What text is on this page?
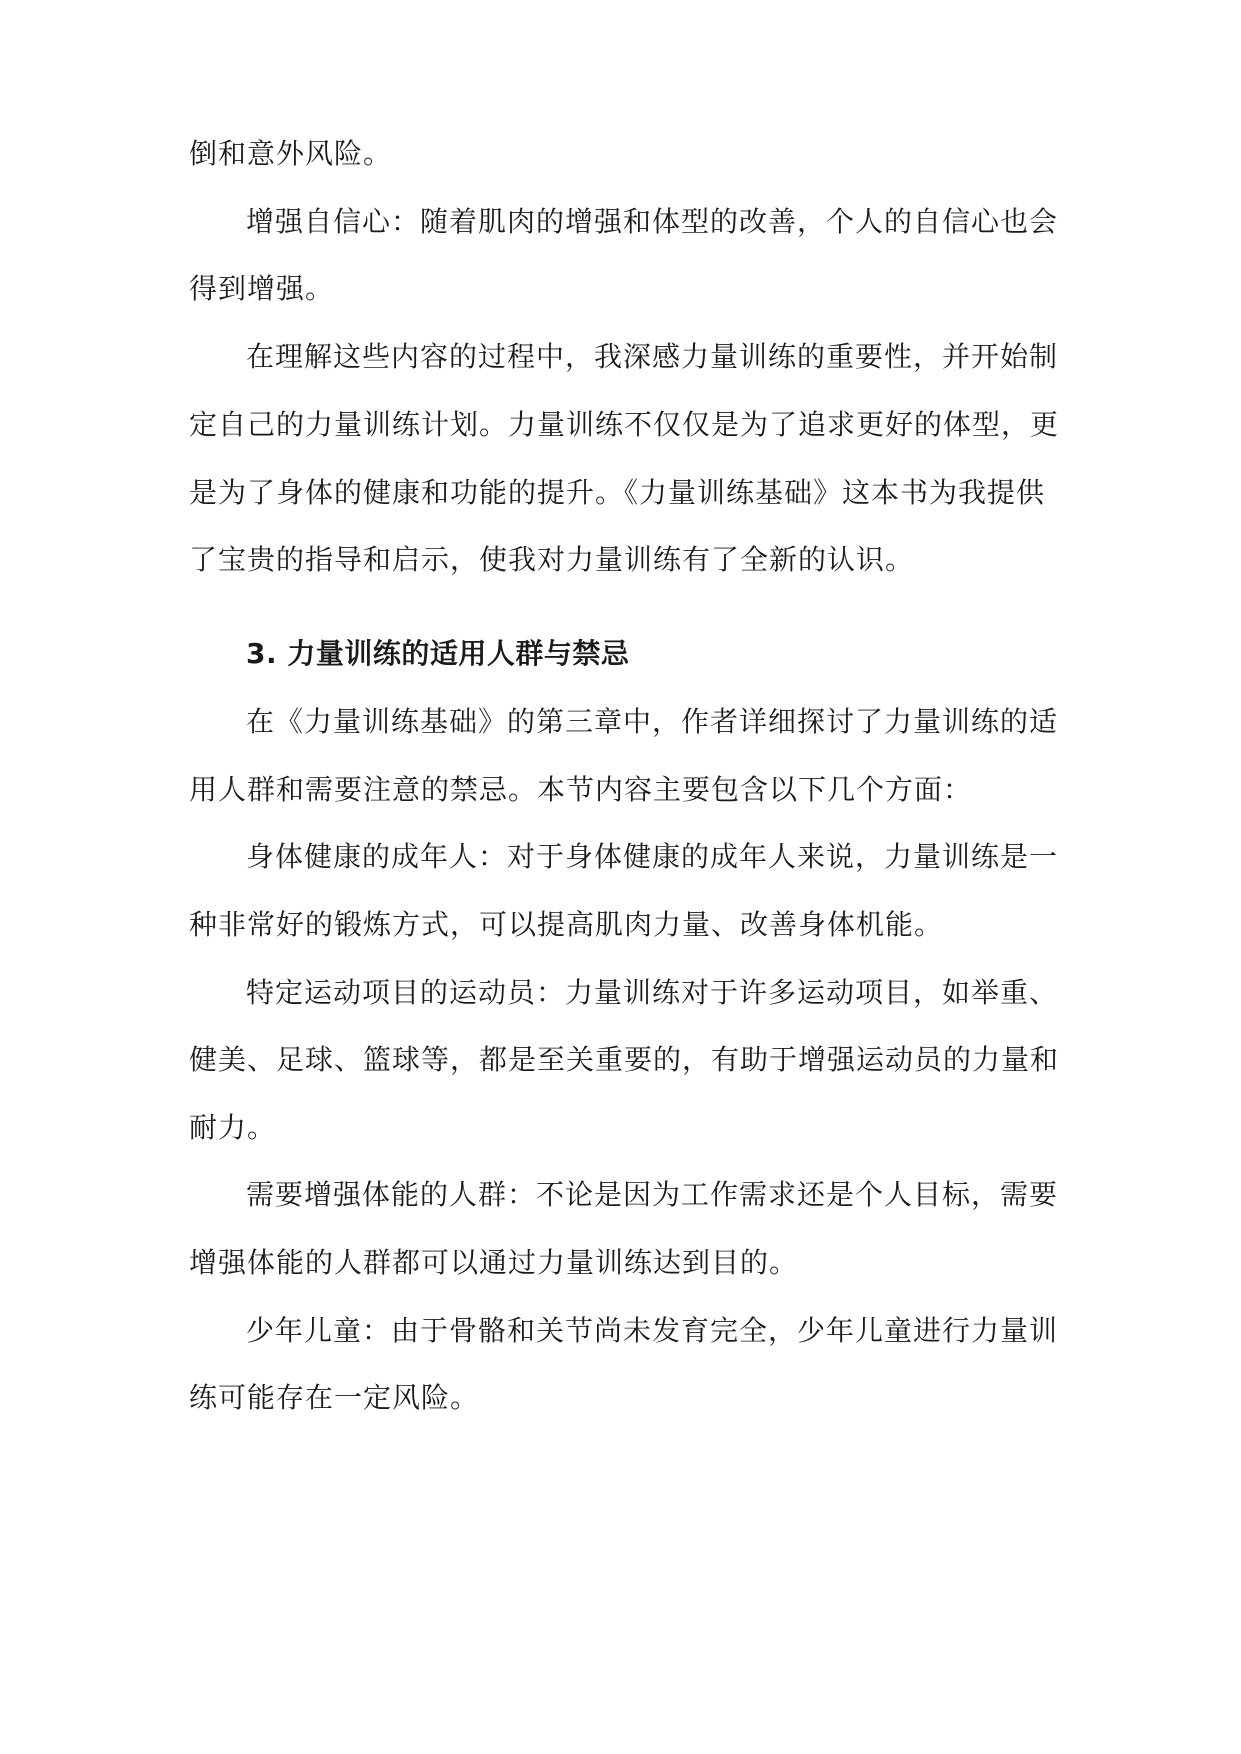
倒和意外风险。
增强自信心：随着肌肉的增强和体型的改善，个人的自信心也会
得到增强。
在理解这些内容的过程中，我深感力量训练的重要性，并开始制
定自己的力量训练计划。力量训练不仅仅是为了追求更好的体型，更
是为了身体的健康和功能的提升。《力量训练基础》这本书为我提供
了宝贵的指导和启示，使我对力量训练有了全新的认识。
3. 力量训练的适用人群与禁忌
在《力量训练基础》的第三章中，作者详细探讨了力量训练的适
用人群和需要注意的禁忌。本节内容主要包含以下几个方面：
身体健康的成年人：对于身体健康的成年人来说，力量训练是一
种非常好的锻炼方式，可以提高肌肉力量、改善身体机能。
特定运动项目的运动员：力量训练对于许多运动项目，如举重、
健美、足球、篮球等，都是至关重要的，有助于增强运动员的力量和
耐力。
需要增强体能的人群：不论是因为工作需求还是个人目标，需要
增强体能的人群都可以通过力量训练达到目的。
少年儿童：由于骨骼和关节尚未发育完全，少年儿童进行力量训
练可能存在一定风险。
